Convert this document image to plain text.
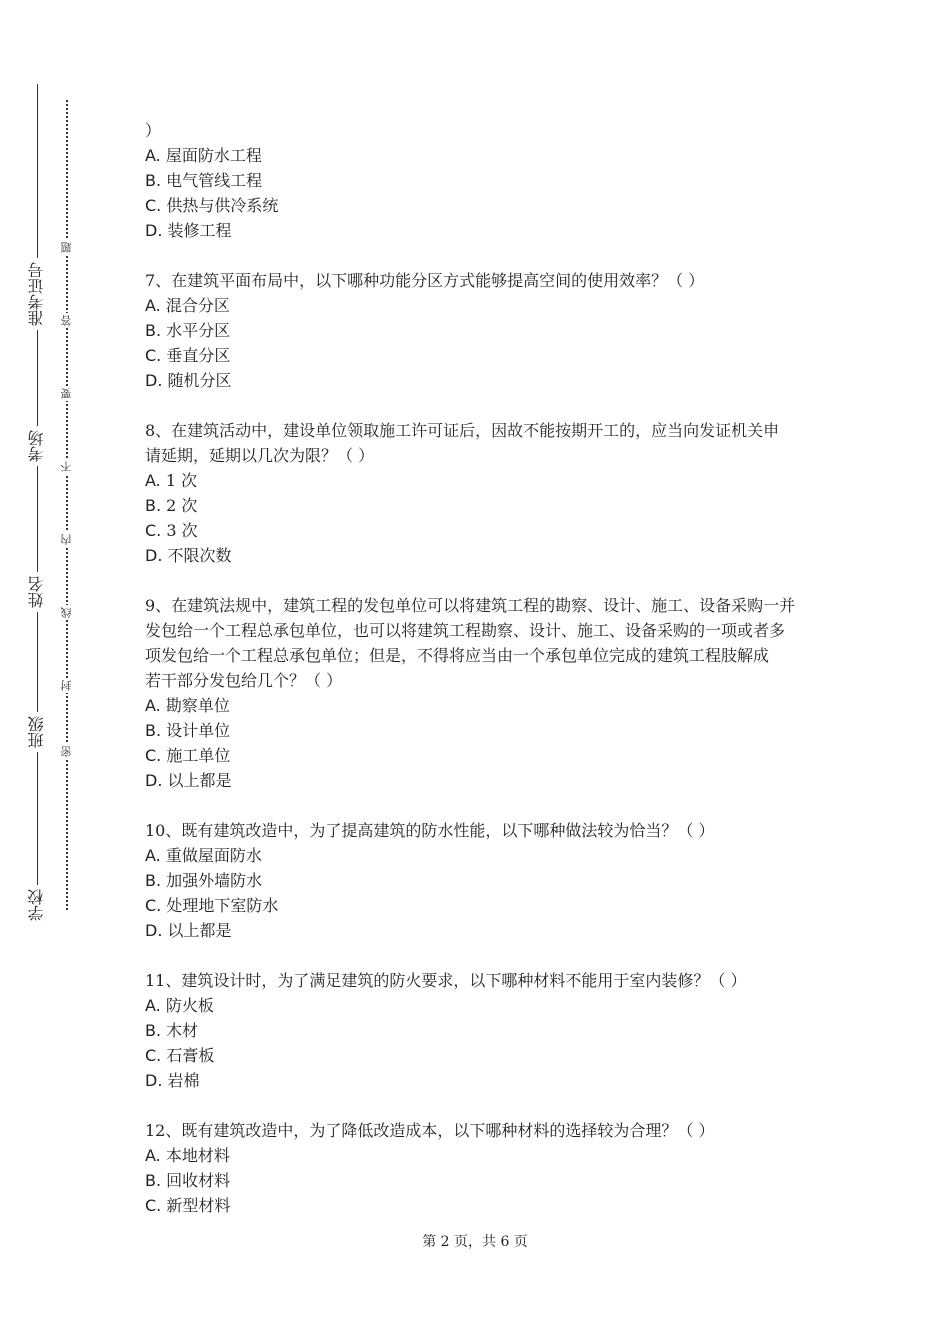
准考证号
考场
姓名
班级
学校
题
答
要
不
内
线
封
密

）

A. 屋面防水工程

B. 电气管线工程

C. 供热与供冷系统

D. 装修工程

7、在建筑平面布局中，以下哪种功能分区方式能够提高空间的使用效率？（ ）

A. 混合分区

B. 水平分区

C. 垂直分区

D. 随机分区

8、在建筑活动中，建设单位领取施工许可证后，因故不能按期开工的，应当向发证机关申

请延期，延期以几次为限？（ ）

A. 1 次

B. 2 次

C. 3 次

D. 不限次数

9、在建筑法规中，建筑工程的发包单位可以将建筑工程的勘察、设计、施工、设备采购一并

发包给一个工程总承包单位，也可以将建筑工程勘察、设计、施工、设备采购的一项或者多

项发包给一个工程总承包单位；但是，不得将应当由一个承包单位完成的建筑工程肢解成

若干部分发包给几个？（ ）

A. 勘察单位

B. 设计单位

C. 施工单位

D. 以上都是

10、既有建筑改造中，为了提高建筑的防水性能，以下哪种做法较为恰当？（ ）

A. 重做屋面防水

B. 加强外墙防水

C. 处理地下室防水

D. 以上都是

11、建筑设计时，为了满足建筑的防火要求，以下哪种材料不能用于室内装修？（ ）

A. 防火板

B. 木材

C. 石膏板

D. 岩棉

12、既有建筑改造中，为了降低改造成本，以下哪种材料的选择较为合理？（ ）

A. 本地材料

B. 回收材料

C. 新型材料

第 2 页，共 6 页
